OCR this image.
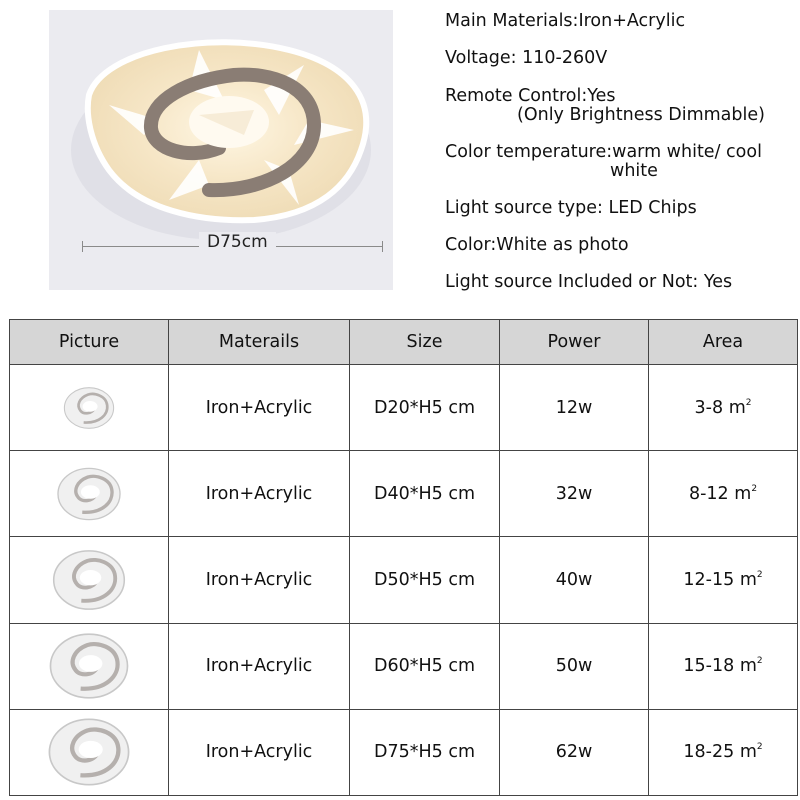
D75cm
Main Materials:Iron+Acrylic
Voltage: 110-260V
Remote Control:Yes
(Only Brightness Dimmable)
Color temperature:warm white/ cool
white
Light source type: LED Chips
Color:White as photo
Light source Included or Not: Yes
Picture	Materails	Size	Power	Area

	Iron+Acrylic	D20*H5 cm	12w	3-8 $m^2$

	Iron+Acrylic	D40*H5 cm	32w	8-12 $m^2$

	Iron+Acrylic	D50*H5 cm	40w	12-15 $m^2$

	Iron+Acrylic	D60*H5 cm	50w	15-18 $m^2$

	Iron+Acrylic	D75*H5 cm	62w	18-25 $m^2$
